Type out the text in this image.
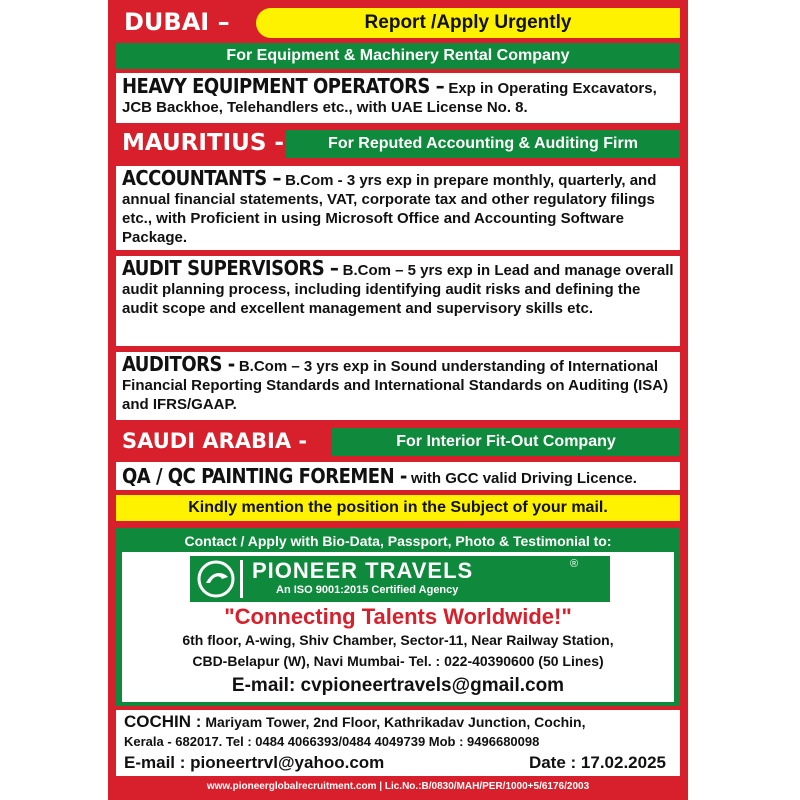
DUBAI –	Report /Apply Urgently
For Equipment & Machinery Rental Company
HEAVY EQUIPMENT OPERATORS – Exp in Operating Excavators, JCB Backhoe, Telehandlers etc., with UAE License No. 8.
MAURITIUS -	For Reputed Accounting & Auditing Firm
ACCOUNTANTS – B.Com - 3 yrs exp in prepare monthly, quarterly, and annual financial statements, VAT, corporate tax and other regulatory filings etc., with Proficient in using Microsoft Office and Accounting Software Package.
AUDIT SUPERVISORS – B.Com – 5 yrs exp in Lead and manage overall audit planning process, including identifying audit risks and defining the audit scope and excellent management and supervisory skills etc.
AUDITORS - B.Com – 3 yrs exp in Sound understanding of International Financial Reporting Standards and International Standards on Auditing (ISA) and IFRS/GAAP.
SAUDI ARABIA -	For Interior Fit-Out Company
QA / QC PAINTING FOREMEN - with GCC valid Driving Licence.
Kindly mention the position in the Subject of your mail.
Contact / Apply with Bio-Data, Passport, Photo & Testimonial to:
PIONEER TRAVELS	®
An ISO 9001:2015 Certified Agency
"Connecting Talents Worldwide!"
6th floor, A-wing, Shiv Chamber, Sector-11, Near Railway Station,
CBD-Belapur (W), Navi Mumbai- Tel. : 022-40390600 (50 Lines)
E-mail: cvpioneertravels@gmail.com
COCHIN : Mariyam Tower, 2nd Floor, Kathrikadav Junction, Cochin,
Kerala - 682017. Tel : 0484 4066393/0484 4049739 Mob : 9496680098
E-mail : pioneertrvl@yahoo.com	Date : 17.02.2025
www.pioneerglobalrecruitment.com | Lic.No.:B/0830/MAH/PER/1000+5/6176/2003
